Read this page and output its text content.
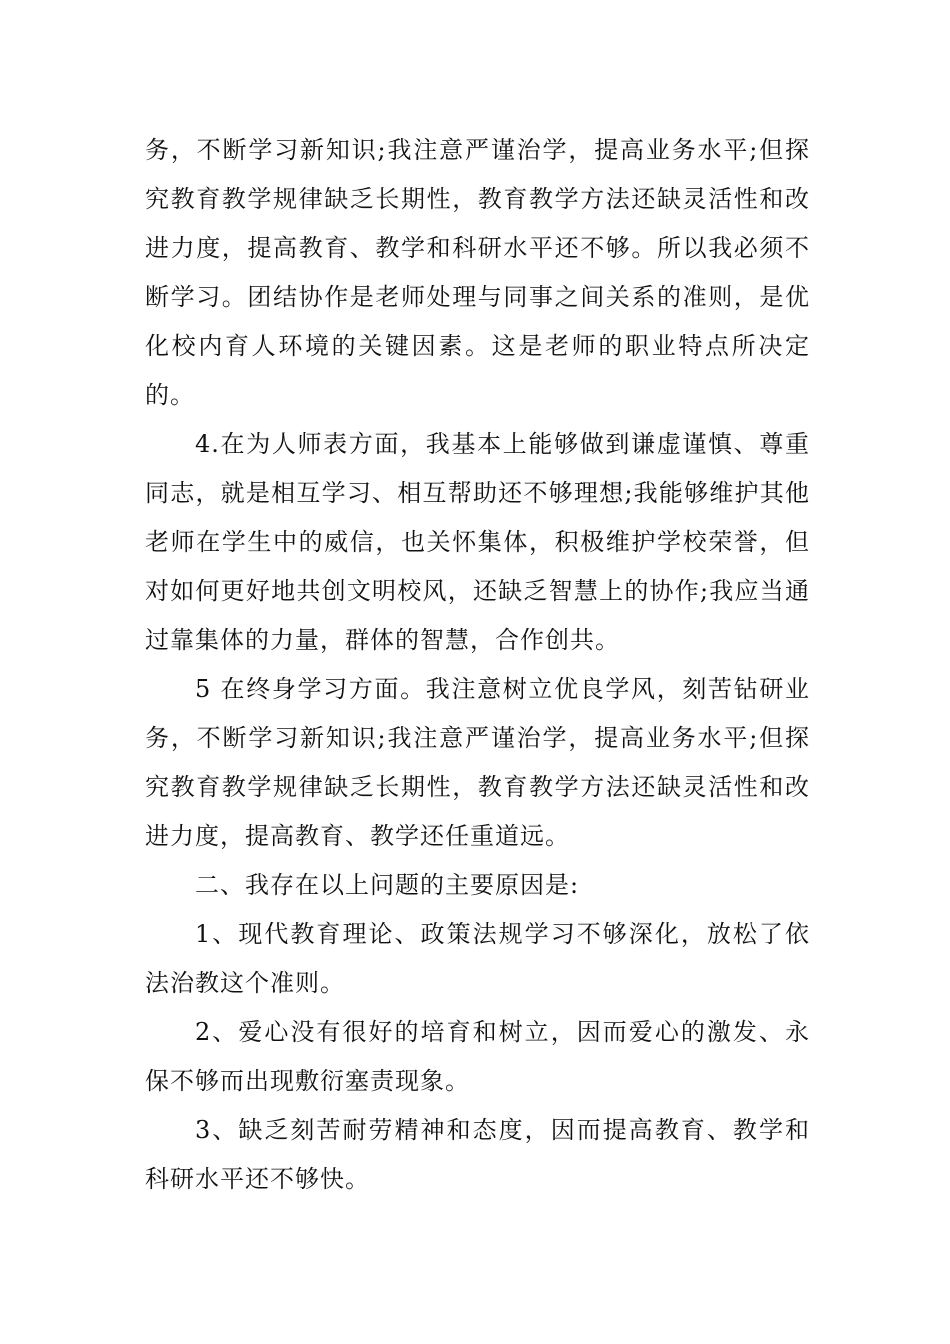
务，不断学习新知识;我注意严谨治学，提高业务水平;但探究教育教学规律缺乏长期性，教育教学方法还缺灵活性和改进力度，提高教育、教学和科研水平还不够。所以我必须不断学习。团结协作是老师处理与同事之间关系的准则，是优化校内育人环境的关键因素。这是老师的职业特点所决定的。

4.在为人师表方面，我基本上能够做到谦虚谨慎、尊重同志，就是相互学习、相互帮助还不够理想;我能够维护其他老师在学生中的威信，也关怀集体，积极维护学校荣誉，但对如何更好地共创文明校风，还缺乏智慧上的协作;我应当通过靠集体的力量，群体的智慧，合作创共。

5 在终身学习方面。我注意树立优良学风，刻苦钻研业务，不断学习新知识;我注意严谨治学，提高业务水平;但探究教育教学规律缺乏长期性，教育教学方法还缺灵活性和改进力度，提高教育、教学还任重道远。

二、我存在以上问题的主要原因是:

1、现代教育理论、政策法规学习不够深化，放松了依法治教这个准则。

2、爱心没有很好的培育和树立，因而爱心的激发、永保不够而出现敷衍塞责现象。

3、缺乏刻苦耐劳精神和态度，因而提高教育、教学和科研水平还不够快。
